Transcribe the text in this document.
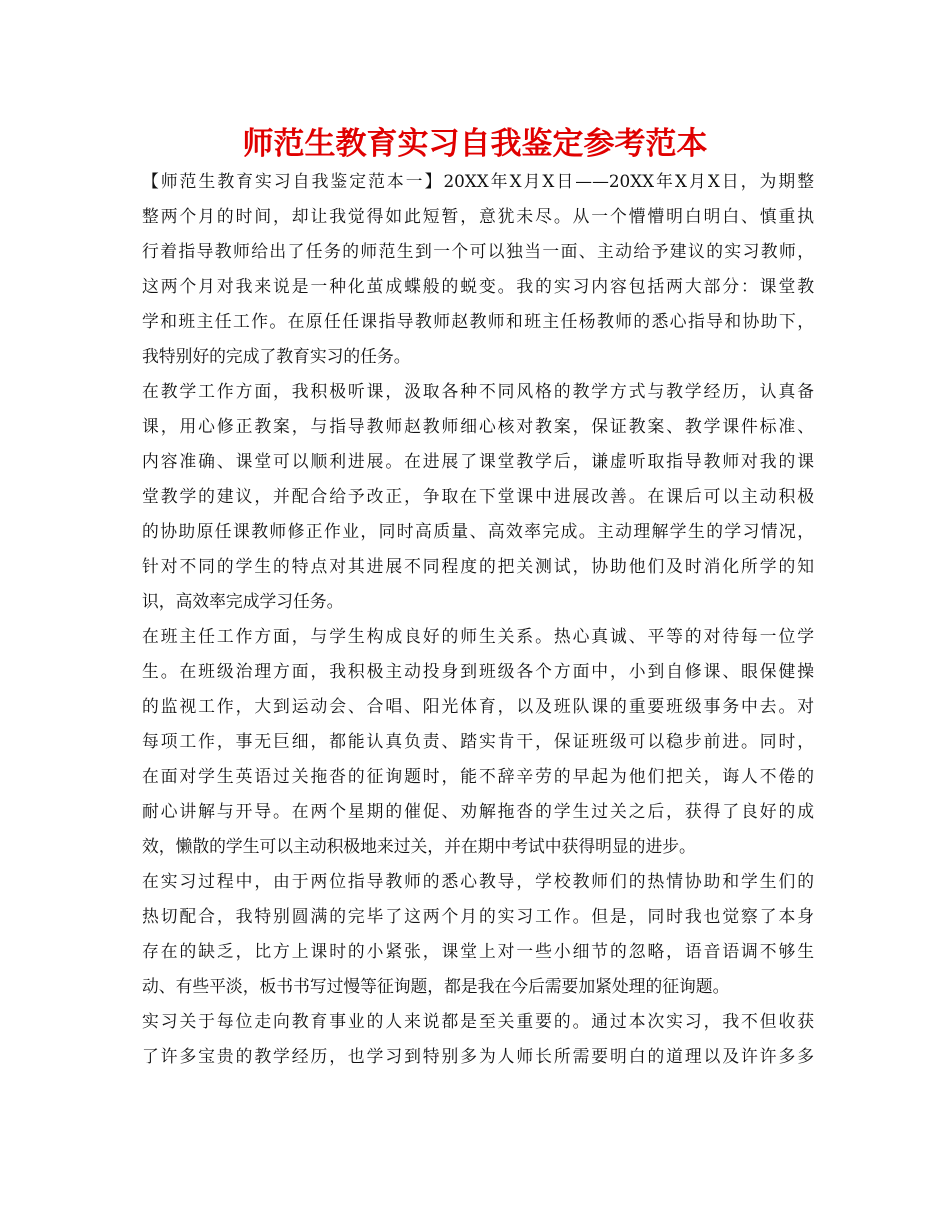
师范生教育实习自我鉴定参考范本
【师范生教育实习自我鉴定范本一】20XX年X月X日——20XX年X月X日，为期整
整两个月的时间，却让我觉得如此短暂，意犹未尽。从一个懵懵明白明白、慎重执
行着指导教师给出了任务的师范生到一个可以独当一面、主动给予建议的实习教师，
这两个月对我来说是一种化茧成蝶般的蜕变。我的实习内容包括两大部分：课堂教
学和班主任工作。在原任任课指导教师赵教师和班主任杨教师的悉心指导和协助下，
我特别好的完成了教育实习的任务。
在教学工作方面，我积极听课，汲取各种不同风格的教学方式与教学经历，认真备
课，用心修正教案，与指导教师赵教师细心核对教案，保证教案、教学课件标准、
内容准确、课堂可以顺利进展。在进展了课堂教学后，谦虚听取指导教师对我的课
堂教学的建议，并配合给予改正，争取在下堂课中进展改善。在课后可以主动积极
的协助原任课教师修正作业，同时高质量、高效率完成。主动理解学生的学习情况，
针对不同的学生的特点对其进展不同程度的把关测试，协助他们及时消化所学的知
识，高效率完成学习任务。
在班主任工作方面，与学生构成良好的师生关系。热心真诚、平等的对待每一位学
生。在班级治理方面，我积极主动投身到班级各个方面中，小到自修课、眼保健操
的监视工作，大到运动会、合唱、阳光体育，以及班队课的重要班级事务中去。对
每项工作，事无巨细，都能认真负责、踏实肯干，保证班级可以稳步前进。同时，
在面对学生英语过关拖沓的征询题时，能不辞辛劳的早起为他们把关，诲人不倦的
耐心讲解与开导。在两个星期的催促、劝解拖沓的学生过关之后，获得了良好的成
效，懒散的学生可以主动积极地来过关，并在期中考试中获得明显的进步。
在实习过程中，由于两位指导教师的悉心教导，学校教师们的热情协助和学生们的
热切配合，我特别圆满的完毕了这两个月的实习工作。但是，同时我也觉察了本身
存在的缺乏，比方上课时的小紧张，课堂上对一些小细节的忽略，语音语调不够生
动、有些平淡，板书书写过慢等征询题，都是我在今后需要加紧处理的征询题。
实习关于每位走向教育事业的人来说都是至关重要的。通过本次实习，我不但收获
了许多宝贵的教学经历，也学习到特别多为人师长所需要明白的道理以及许许多多
